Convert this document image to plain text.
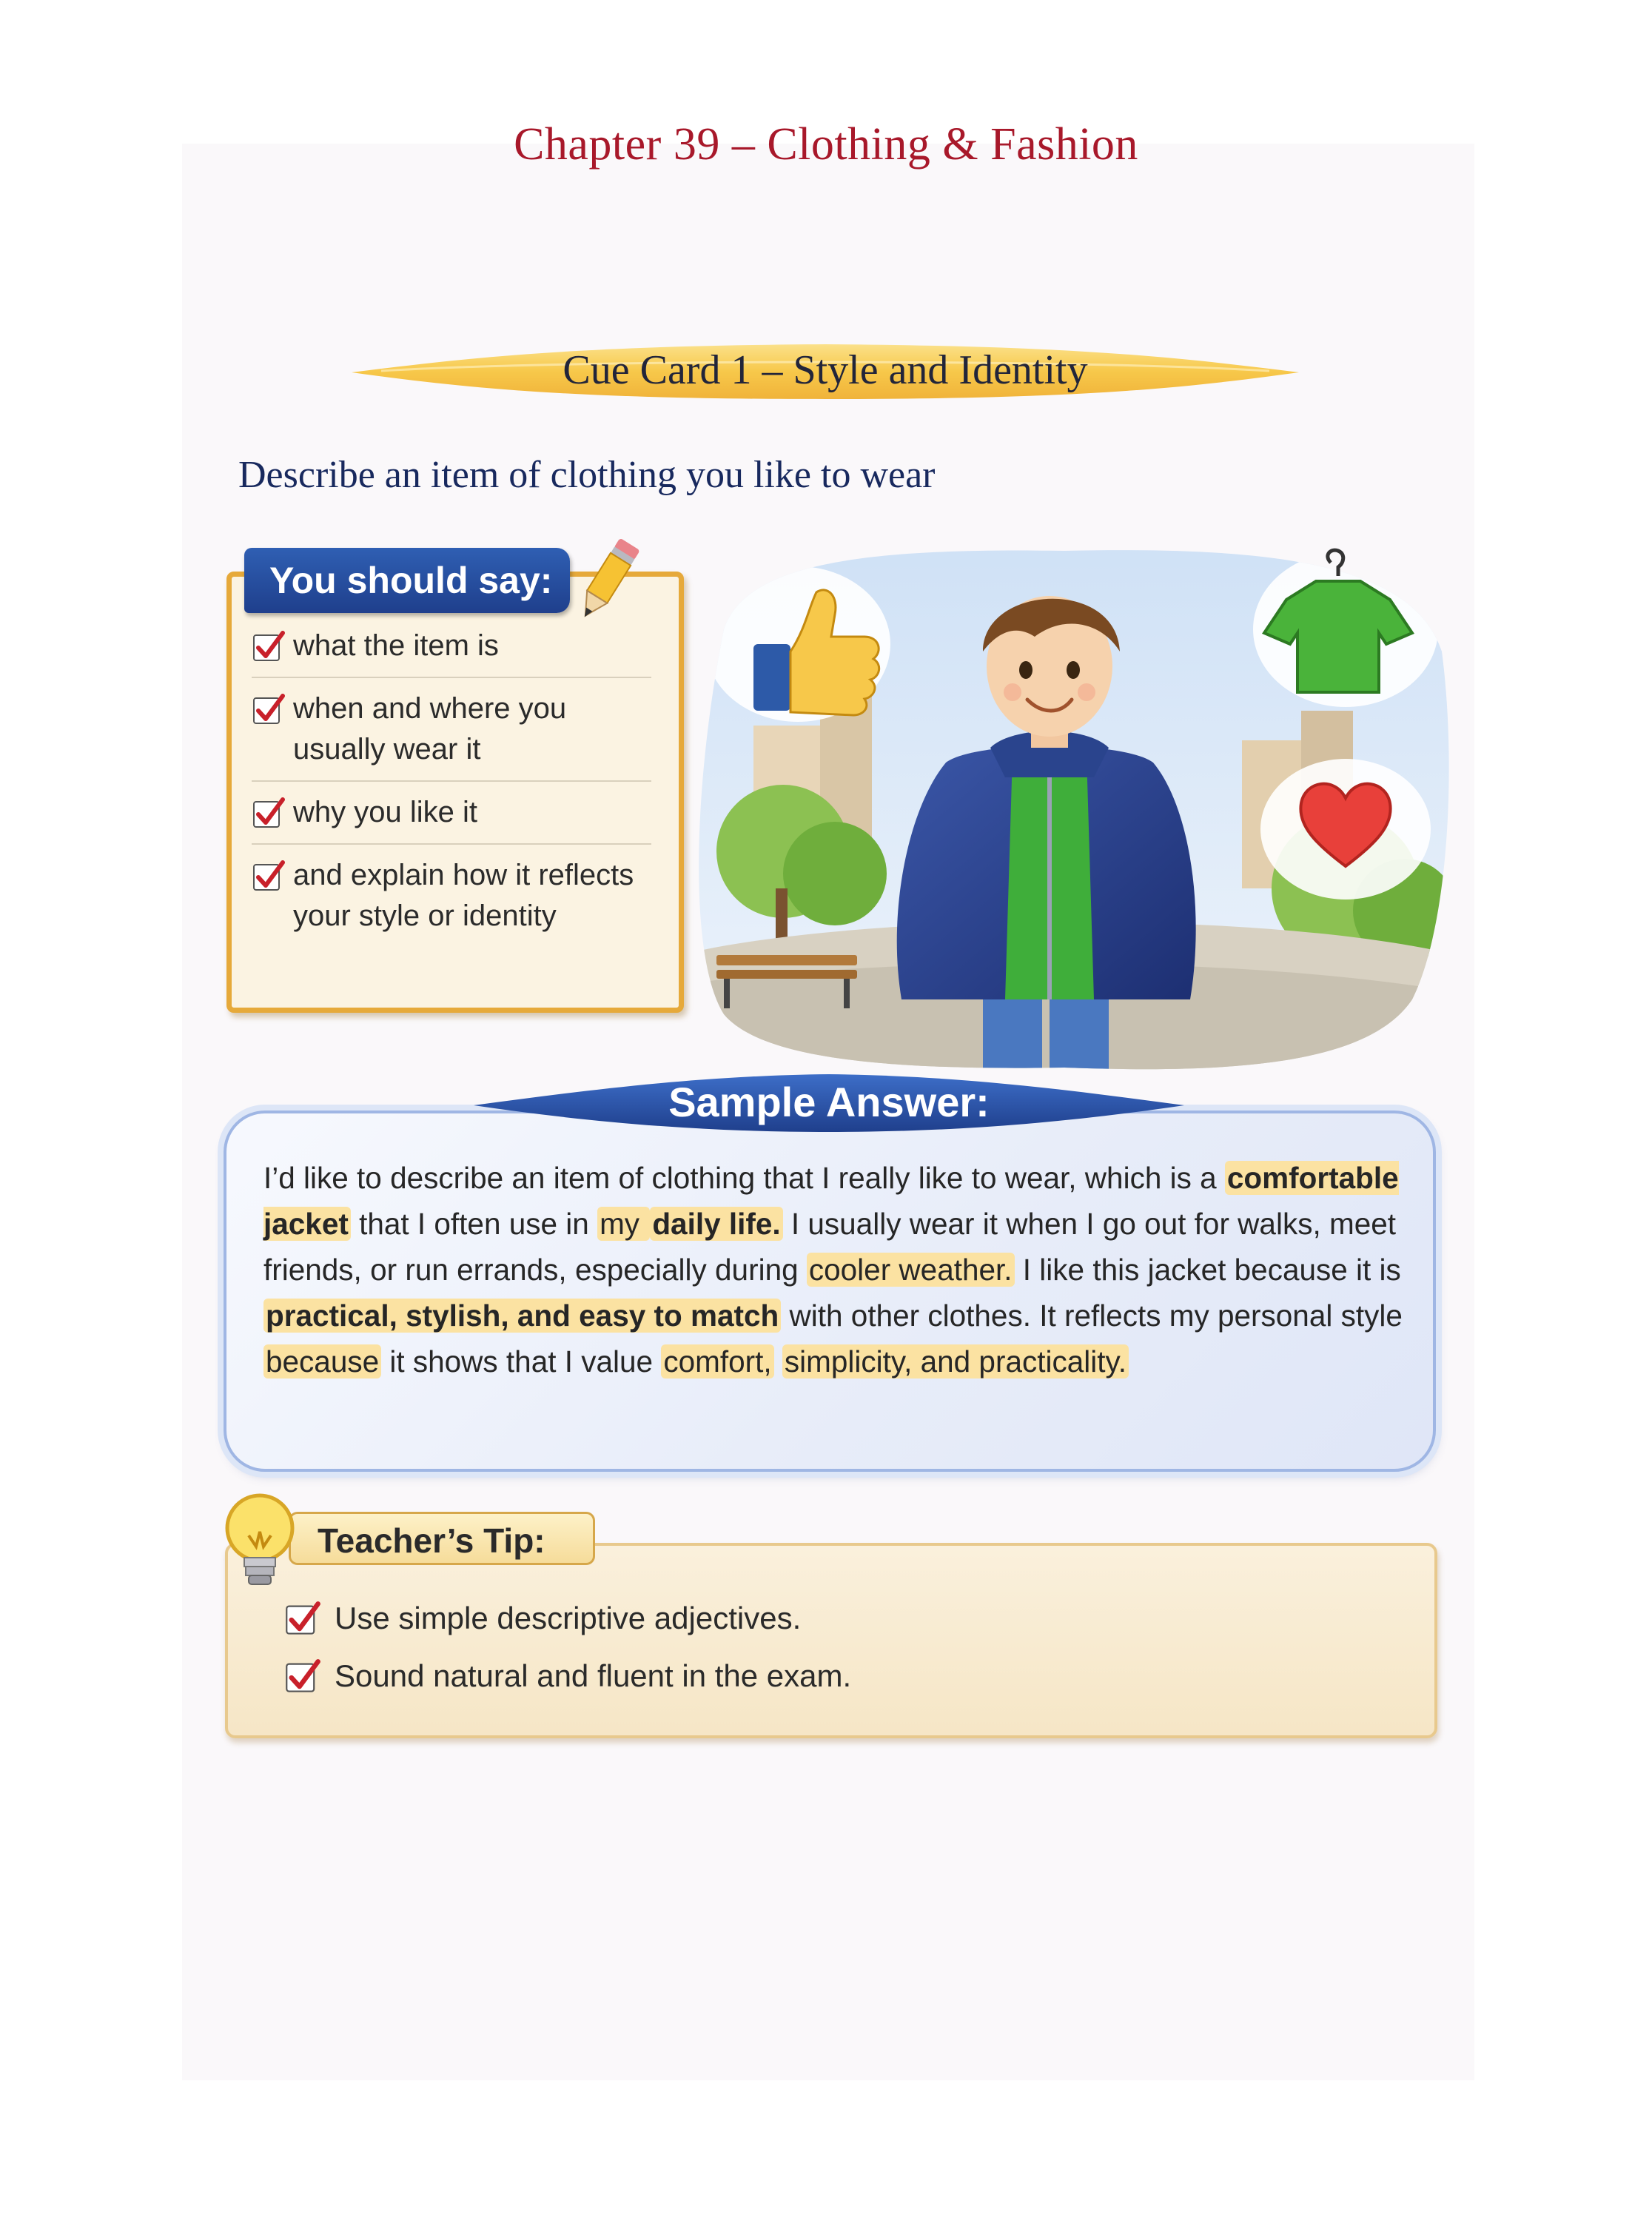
Chapter 39 – Clothing & Fashion
Cue Card 1 – Style and Identity
Describe an item of clothing you like to wear
You should say:
what the item is
when and where you usually wear it
why you like it
and explain how it reflects your style or identity
Sample Answer:
I’d like to describe an item of clothing that I really like to wear, which is a comfortable jacket that I often use in my daily life. I usually wear it when I go out for walks, meet friends, or run errands, especially during cooler weather. I like this jacket because it is practical, stylish, and easy to match with other clothes. It reflects my personal style because it shows that I value comfort, simplicity, and practicality.
Teacher’s Tip:
Use simple descriptive adjectives.
Sound natural and fluent in the exam.
